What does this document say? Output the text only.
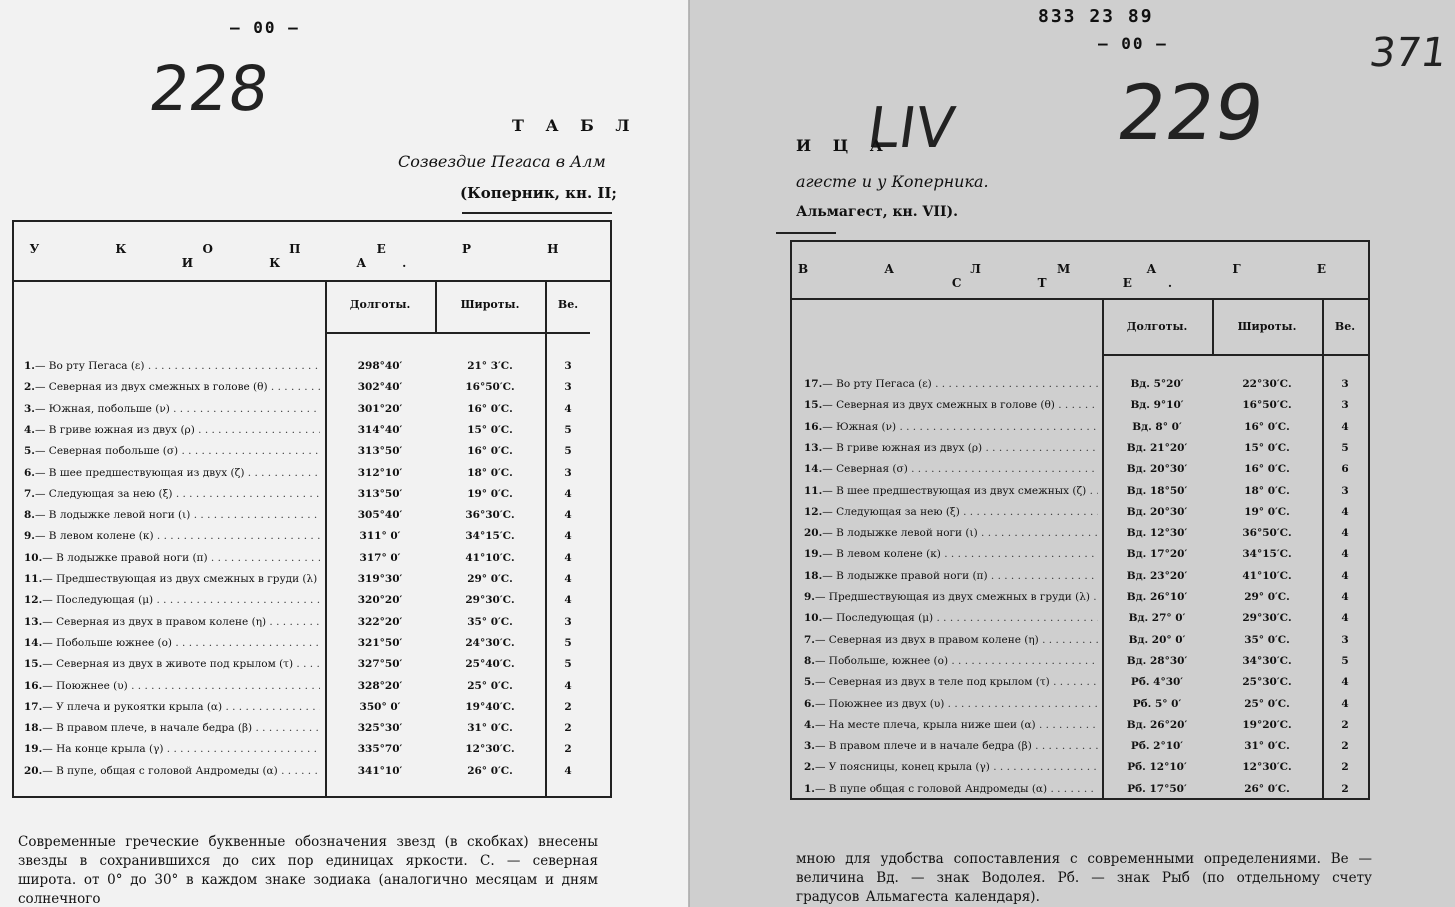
— 00 —
228
Т А Б Л
Созвездие Пегаса в Алм
(Коперник, кн. II;
У К О П Е Р Н И К А.
Долготы.	Широты.	Ве.
1.— Во рту Пегаса (ε) . . .	298°40′	21° 3′С.	3
2.— Северная из двух смежных в голове (θ) . . .	302°40′	16°50′С.	3
3.— Южная, побольше (ν) . . .	301°20′	16° 0′С.	4
4.— В гриве южная из двух (ρ) . . .	314°40′	15° 0′С.	5
5.— Северная побольше (σ) . . .	313°50′	16° 0′С.	5
6.— В шее предшествующая из двух (ζ) . . .	312°10′	18° 0′С.	3
7.— Следующая за нею (ξ) . . .	313°50′	19° 0′С.	4
8.— В лодыжке левой ноги (ι) . . .	305°40′	36°30′С.	4
9.— В левом колене (κ) . . .	311° 0′	34°15′С.	4
10.— В лодыжке правой ноги (π) . . .	317° 0′	41°10′С.	4
11.— Предшествующая из двух смежных в груди (λ) . . .	319°30′	29° 0′С.	4
12.— Последующая (μ) . . .	320°20′	29°30′С.	4
13.— Северная из двух в правом колене (η) . . .	322°20′	35° 0′С.	3
14.— Побольше южнее (ο) . . .	321°50′	24°30′С.	5
15.— Северная из двух в животе под крылом (τ) . . .	327°50′	25°40′С.	5
16.— Поюжнее (υ) . . .	328°20′	25° 0′С.	4
17.— У плеча и рукоятки крыла (α) . . .	350° 0′	19°40′С.	2
18.— В правом плече, в начале бедра (β) . . .	325°30′	31° 0′С.	2
19.— На конце крыла (γ) . . .	335°70′	12°30′С.	2
20.— В пупе, общая с головой Андромеды (α) . . .	341°10′	26° 0′С.	4
Современные греческие буквенные обозначения звезд (в скобках) внесены звезды в сохранившихся до сих пор единицах яркости. С. — северная широта. от 0° до 30° в каждом знаке зодиака (аналогично месяцам и дням солнечного
833 23 89
— 00 —	371
229
LIV
И Ц А
агесте и у Коперника.
Альмагест, кн. VII).
В А Л М А Г Е С Т Е.
Долготы.	Широты.	Ве.
17.— Во рту Пегаса (ε) . . .	Вд. 5°20′	22°30′С.	3
15.— Северная из двух смежных в голове (θ) . . .	Вд. 9°10′	16°50′С.	3
16.— Южная (ν) . . .	Вд. 8° 0′	16° 0′С.	4
13.— В гриве южная из двух (ρ) . . .	Вд. 21°20′	15° 0′С.	5
14.— Северная (σ) . . .	Вд. 20°30′	16° 0′С.	6
11.— В шее предшествующая из двух смежных (ζ) . . .	Вд. 18°50′	18° 0′С.	3
12.— Следующая за нею (ξ) . . .	Вд. 20°30′	19° 0′С.	4
20.— В лодыжке левой ноги (ι) . . .	Вд. 12°30′	36°50′С.	4
19.— В левом колене (κ) . . .	Вд. 17°20′	34°15′С.	4
18.— В лодыжке правой ноги (π) . . .	Вд. 23°20′	41°10′С.	4
9.— Предшествующая из двух смежных в груди (λ) . . .	Вд. 26°10′	29° 0′С.	4
10.— Последующая (μ) . . .	Вд. 27° 0′	29°30′С.	4
7.— Северная из двух в правом колене (η) . . .	Вд. 20° 0′	35° 0′С.	3
8.— Побольше, южнее (ο) . . .	Вд. 28°30′	34°30′С.	5
5.— Северная из двух в теле под крылом (τ) . . .	Рб. 4°30′	25°30′С.	4
6.— Поюжнее из двух (υ) . . .	Рб. 5° 0′	25° 0′С.	4
4.— На месте плеча, крыла ниже шеи (α) . . .	Вд. 26°20′	19°20′С.	2
3.— В правом плече и в начале бедра (β) . . .	Рб. 2°10′	31° 0′С.	2
2.— У поясницы, конец крыла (γ) . . .	Рб. 12°10′	12°30′С.	2
1.— В пупе общая с головой Андромеды (α) . . .	Рб. 17°50′	26° 0′С.	2
мною для удобства сопоставления с современными определениями. Ве — величина Вд. — знак Водолея. Рб. — знак Рыб (по отдельному счету градусов Альмагеста календаря).
